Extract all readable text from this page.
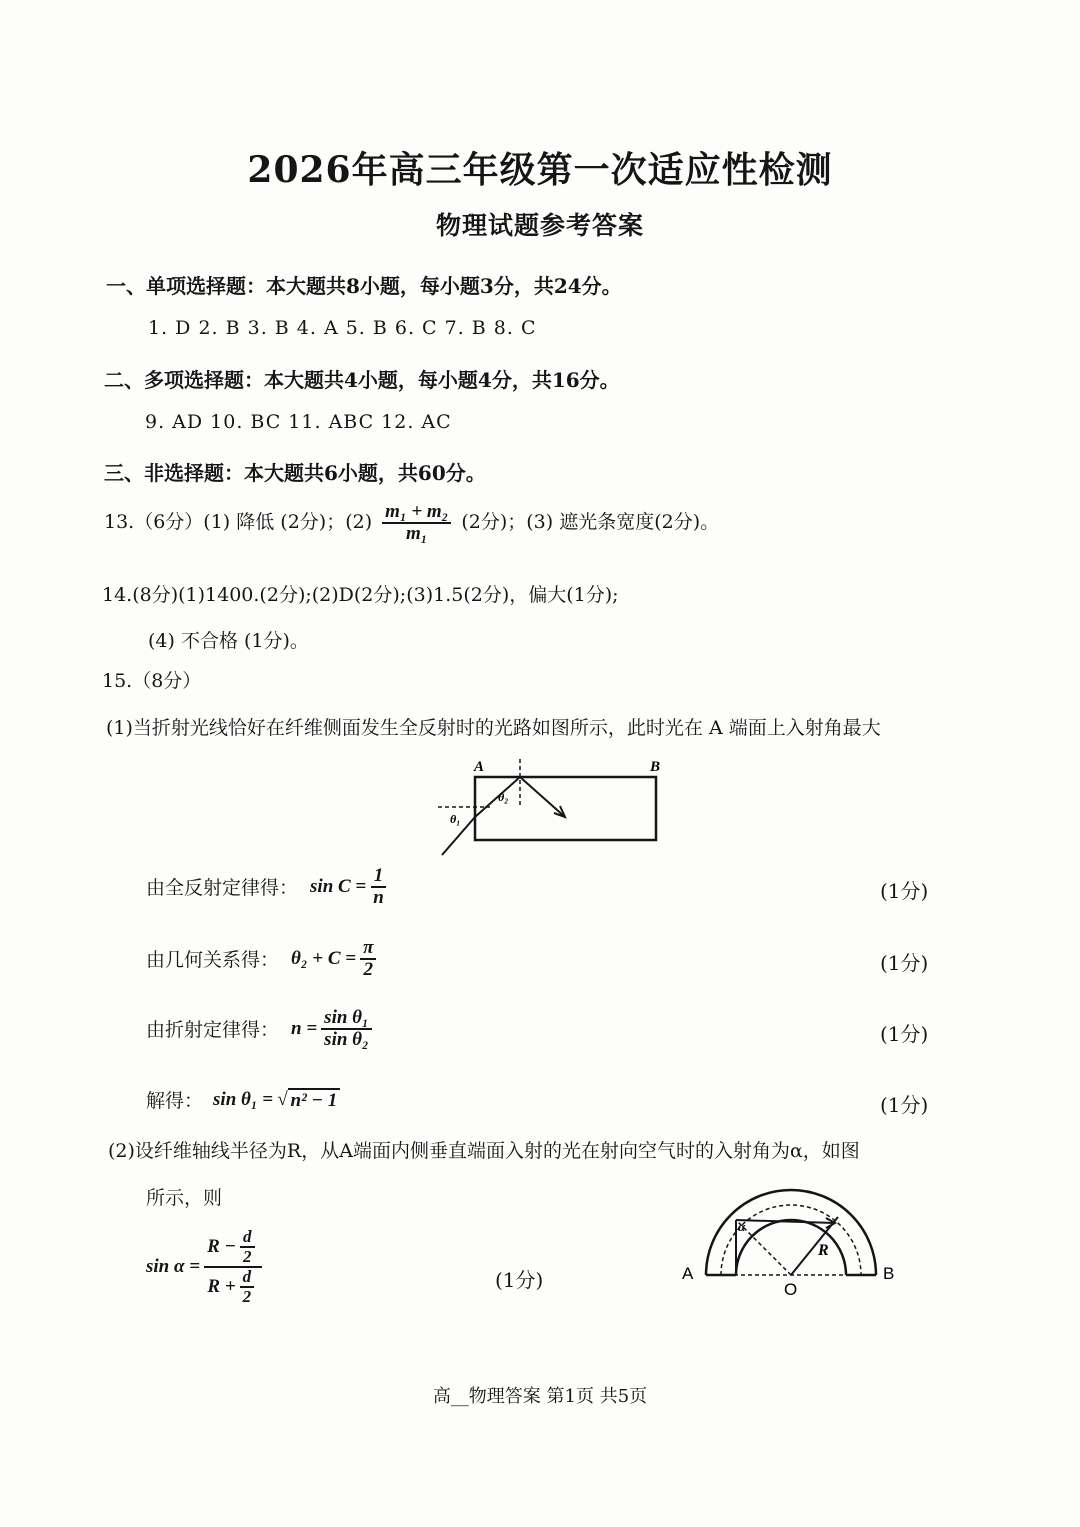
2026年高三年级第一次适应性检测
物理试题参考答案
一、单项选择题：本大题共8小题，每小题3分，共24分。
1. D 2. B 3. B 4. A 5. B 6. C 7. B 8. C
二、多项选择题：本大题共4小题，每小题4分，共16分。
9. AD 10. BC 11. ABC 12. AC
三、非选择题：本大题共6小题，共60分。
13.（6分）(1) 降低 (2分)；$(2) \frac{\text{m₁ + m₂}}{\text{m₁}} (2$分)；(3) 遮光条宽度(2分)。
14.(8分)(1)1400.(2分);(2)D(2分);(3)1.5(2分)，偏大(1分);
(4) 不合格 (1分)。
15.（8分）
(1)当折射光线恰好在纤维侧面发生全反射时的光路如图所示，此时光在 A 端面上入射角最大
A	B
θ₁
θ₂
由全反射定律得： $\sin C = \frac{1}{n}$	(1分)
由几何关系得： $\theta_2 + C = \frac{\pi}{2}$	(1分)
由折射定律得： $n = \frac{\text{sin θ₁}}{\text{sin θ₂}}$	(1分)
解得： sin θ₁ = √ n² − 1	(1分)
(2)设纤维轴线半径为R，从A端面内侧垂直端面入射的光在射向空气时的入射角为α，如图
所示，则
$\sin \alpha = \frac{R - \frac{d}{2}}{R + \frac{d}{2}}$	(1分)
α
R
A	B
O
高__物理答案 第1页 共5页
